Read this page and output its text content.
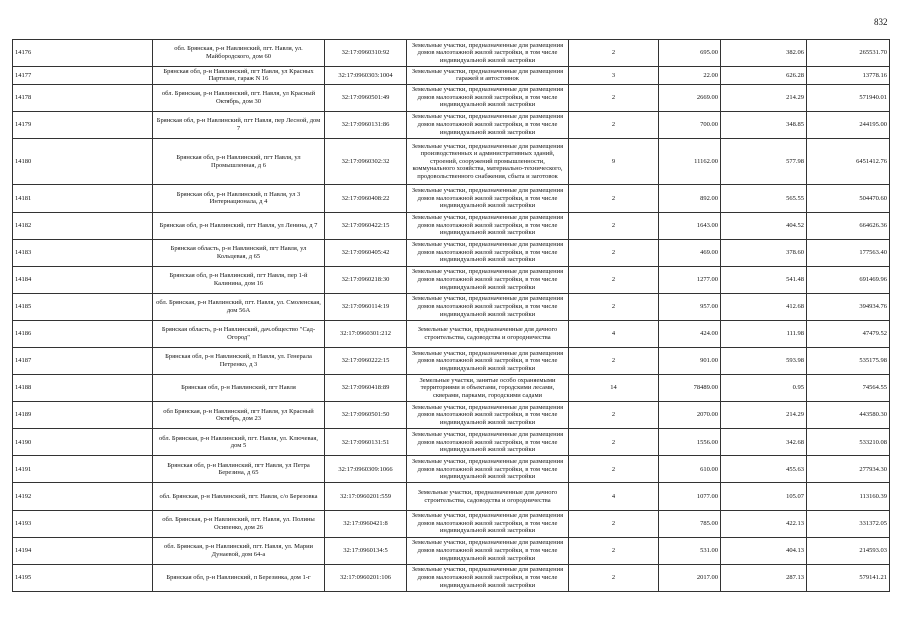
832
14176	обл. Брянская, р-н Навлинский, пгт. Навля, ул. Майбородского, дом 60	32:17:0960310:92	Земельные участки, предназначенные для размещения домов малоэтажной жилой застройки, в том числе индивидуальной жилой застройки	2	695.00	382.06	265531.70
14177	Брянская обл, р-н Навлинский, пгт Навля, ул Красных Партизан, гараж N 16	32:17:0960303:1004	Земельные участки, предназначенные для размещения гаражей и автостоянок	3	22.00	626.28	13778.16
14178	обл. Брянская, р-н Навлинский, пгт. Навля, ул Красный Октябрь, дом 30	32:17:0960501:49	Земельные участки, предназначенные для размещения домов малоэтажной жилой застройки, в том числе индивидуальной жилой застройки	2	2669.00	214.29	571940.01
14179	Брянская обл, р-н Навлинский, пгт Навля, пер Лесной, дом 7	32:17:0960131:86	Земельные участки, предназначенные для размещения домов малоэтажной жилой застройки, в том числе индивидуальной жилой застройки	2	700.00	348.85	244195.00
14180	Брянская обл, р-н Навлинский, пгт Навля, ул Промышленная, д 6	32:17:0960302:32	Земельные участки, предназначенные для размещения производственных и административных зданий, строений, сооружений промышленности, коммунального хозяйства, материально-технического, продовольственного снабжения, сбыта и заготовок	9	11162.00	577.98	6451412.76
14181	Брянская обл, р-н Навлинский, п Навля, ул 3 Интернационала, д 4	32:17:0960408:22	Земельные участки, предназначенные для размещения домов малоэтажной жилой застройки, в том числе индивидуальной жилой застройки	2	892.00	565.55	504470.60
14182	Брянская обл, р-н Навлинский, пгт Навля, ул Ленина, д 7	32:17:0960422:15	Земельные участки, предназначенные для размещения домов малоэтажной жилой застройки, в том числе индивидуальной жилой застройки	2	1643.00	404.52	664626.36
14183	Брянская область, р-н Навлинский, пгт Навля, ул Кольцевая, д 65	32:17:0960405:42	Земельные участки, предназначенные для размещения домов малоэтажной жилой застройки, в том числе индивидуальной жилой застройки	2	469.00	378.60	177563.40
14184	Брянская обл, р-н Навлинский, пгт Навля, пер 1-й Калинина, дом 16	32:17:0960218:30	Земельные участки, предназначенные для размещения домов малоэтажной жилой застройки, в том числе индивидуальной жилой застройки	2	1277.00	541.48	691469.96
14185	обл. Брянская, р-н Навлинский, пгт. Навля, ул. Смоленская, дом 56А	32:17:0960114:19	Земельные участки, предназначенные для размещения домов малоэтажной жилой застройки, в том числе индивидуальной жилой застройки	2	957.00	412.68	394934.76
14186	Брянская область, р-н Навлинский, дач.общество "Сад-Огород"	32:17:0960301:212	Земельные участки, предназначенные для дачного строительства, садоводства и огородничества	4	424.00	111.98	47479.52
14187	Брянская обл, р-н Навлинский, п Навля, ул. Генерала Петренко, д 3	32:17:0960222:15	Земельные участки, предназначенные для размещения домов малоэтажной жилой застройки, в том числе индивидуальной жилой застройки	2	901.00	593.98	535175.98
14188	Брянская обл, р-н Навлинский, пгт Навля	32:17:0960418:89	Земельные участки, занятые особо охраняемыми территориями и объектами, городскими лесами, скверами, парками, городскими садами	14	78489.00	0.95	74564.55
14189	обл Брянская, р-н Навлинский, пгт Навля, ул Красный Октябрь, дом 23	32:17:0960501:50	Земельные участки, предназначенные для размещения домов малоэтажной жилой застройки, в том числе индивидуальной жилой застройки	2	2070.00	214.29	443580.30
14190	обл. Брянская, р-н Навлинский, пгт. Навля, ул. Ключевая, дом 5	32:17:0960131:51	Земельные участки, предназначенные для размещения домов малоэтажной жилой застройки, в том числе индивидуальной жилой застройки	2	1556.00	342.68	533210.08
14191	Брянская обл, р-н Навлинский, пгт Навля, ул Петра Березина, д 65	32:17:0960309:1066	Земельные участки, предназначенные для размещения домов малоэтажной жилой застройки, в том числе индивидуальной жилой застройки	2	610.00	455.63	277934.30
14192	обл. Брянская, р-н Навлинский, пгт. Навля, с/о Березовка	32:17:0960201:559	Земельные участки, предназначенные для дачного строительства, садоводства и огородничества	4	1077.00	105.07	113160.39
14193	обл. Брянская, р-н Навлинский, пгт. Навля, ул. Полины Осипенко, дом 26	32:17:0960421:8	Земельные участки, предназначенные для размещения домов малоэтажной жилой застройки, в том числе индивидуальной жилой застройки	2	785.00	422.13	331372.05
14194	обл. Брянская, р-н Навлинский, пгт. Навля, ул. Марии Дунаевой, дом 64-а	32:17:0960134:5	Земельные участки, предназначенные для размещения домов малоэтажной жилой застройки, в том числе индивидуальной жилой застройки	2	531.00	404.13	214593.03
14195	Брянская обл, р-н Навлинский, п Березинка, дом 1-г	32:17:0960201:106	Земельные участки, предназначенные для размещения домов малоэтажной жилой застройки, в том числе индивидуальной жилой застройки	2	2017.00	287.13	579141.21
